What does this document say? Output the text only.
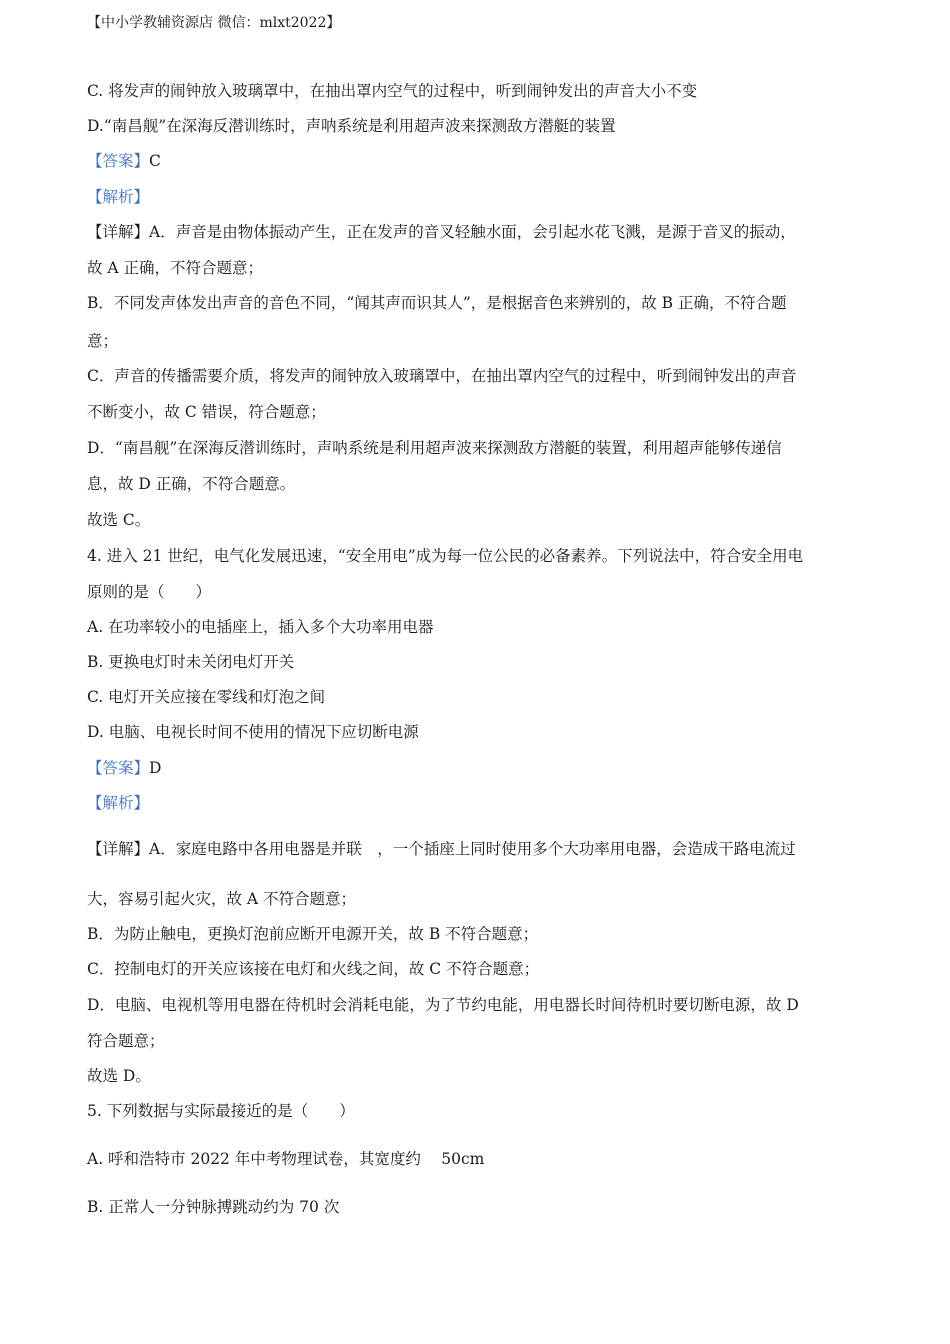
【中小学教辅资源店 微信：mlxt2022】
C. 将发声的闹钟放入玻璃罩中，在抽出罩内空气的过程中，听到闹钟发出的声音大小不变
D.“南昌舰”在深海反潜训练时，声呐系统是利用超声波来探测敌方潜艇的装置
【答案】C
【解析】
【详解】A．声音是由物体振动产生，正在发声的音叉轻触水面，会引起水花飞溅，是源于音叉的振动，
故 A 正确，不符合题意；
B．不同发声体发出声音的音色不同，“闻其声而识其人”，是根据音色来辨别的，故 B 正确，不符合题
意；
C．声音的传播需要介质，将发声的闹钟放入玻璃罩中，在抽出罩内空气的过程中，听到闹钟发出的声音
不断变小，故 C 错误，符合题意；
D．“南昌舰”在深海反潜训练时，声呐系统是利用超声波来探测敌方潜艇的装置，利用超声能够传递信
息，故 D 正确，不符合题意。
故选 C。
4. 进入 21 世纪，电气化发展迅速，“安全用电”成为每一位公民的必备素养。下列说法中，符合安全用电
原则的是（　　）
A. 在功率较小的电插座上，插入多个大功率用电器
B. 更换电灯时未关闭电灯开关
C. 电灯开关应接在零线和灯泡之间
D. 电脑、电视长时间不使用的情况下应切断电源
【答案】D
【解析】
【详解】A．家庭电路中各用电器是并联　，一个插座上同时使用多个大功率用电器，会造成干路电流过
大，容易引起火灾，故 A 不符合题意；
B．为防止触电，更换灯泡前应断开电源开关，故 B 不符合题意；
C．控制电灯的开关应该接在电灯和火线之间，故 C 不符合题意；
D．电脑、电视机等用电器在待机时会消耗电能，为了节约电能，用电器长时间待机时要切断电源，故 D
符合题意；
故选 D。
5. 下列数据与实际最接近的是（　　）
A. 呼和浩特市 2022 年中考物理试卷，其宽度约　 50cm
B. 正常人一分钟脉搏跳动约为 70 次
